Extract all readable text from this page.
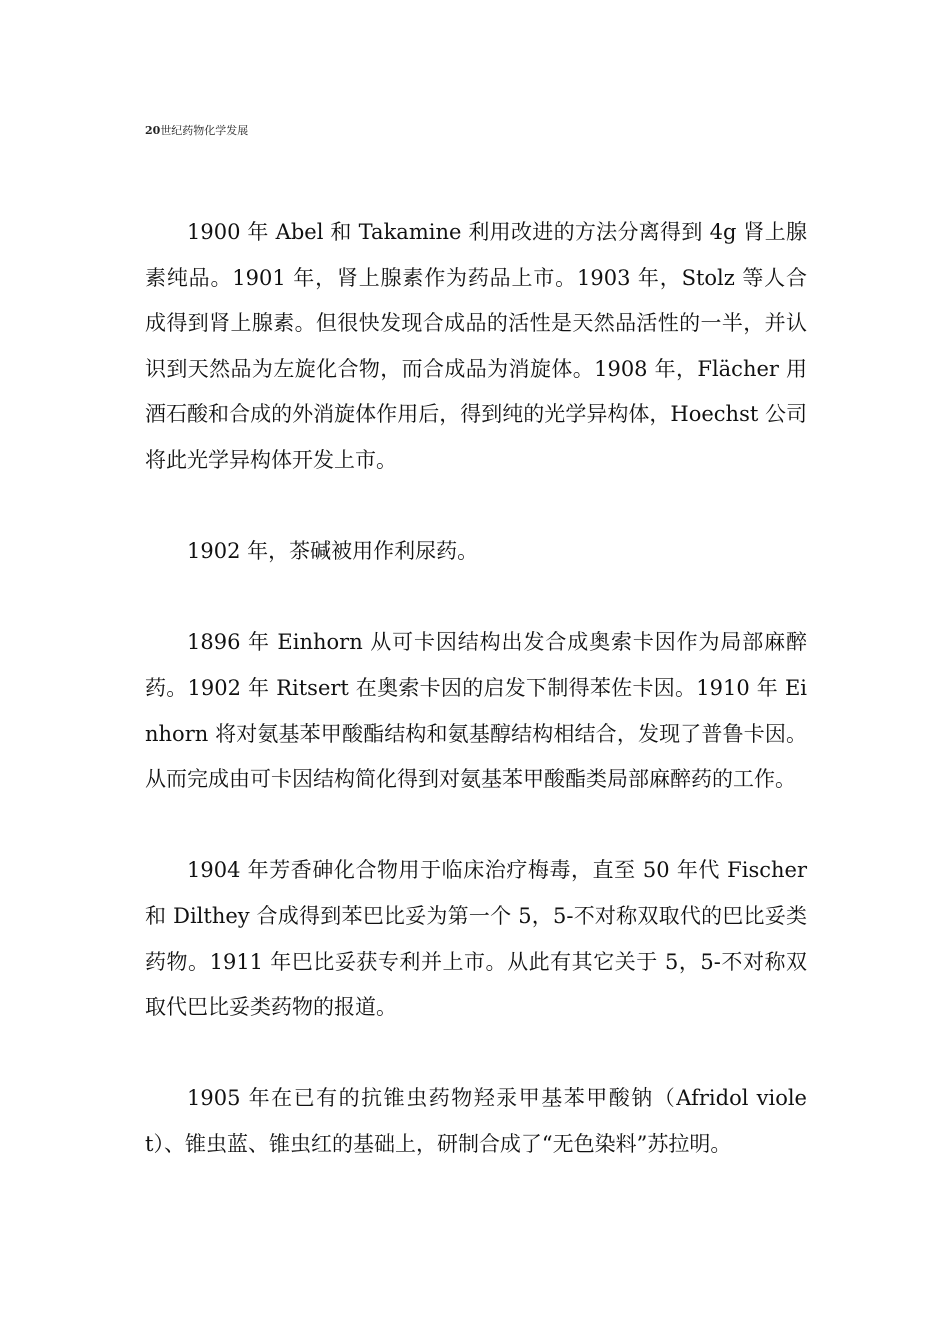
20世纪药物化学发展

1900 年 Abel 和 Takamine 利用改进的方法分离得到 4g 肾上腺素纯品。1901 年，肾上腺素作为药品上市。1903 年，Stolz 等人合成得到肾上腺素。但很快发现合成品的活性是天然品活性的一半，并认识到天然品为左旋化合物，而合成品为消旋体。1908 年，Flächer 用酒石酸和合成的外消旋体作用后，得到纯的光学异构体，Hoechst 公司将此光学异构体开发上市。

1902 年，茶碱被用作利尿药。

1896 年 Einhorn 从可卡因结构出发合成奥索卡因作为局部麻醉药。1902 年 Ritsert 在奥索卡因的启发下制得苯佐卡因。1910 年 Einhorn 将对氨基苯甲酸酯结构和氨基醇结构相结合，发现了普鲁卡因。从而完成由可卡因结构简化得到对氨基苯甲酸酯类局部麻醉药的工作。

1904 年芳香砷化合物用于临床治疗梅毒，直至 50 年代 Fischer 和 Dilthey 合成得到苯巴比妥为第一个 5，5-不对称双取代的巴比妥类药物。1911 年巴比妥获专利并上市。从此有其它关于 5，5-不对称双取代巴比妥类药物的报道。

1905 年在已有的抗锥虫药物羟汞甲基苯甲酸钠（Afridol violet）、锥虫蓝、锥虫红的基础上，研制合成了“无色染料”苏拉明。
